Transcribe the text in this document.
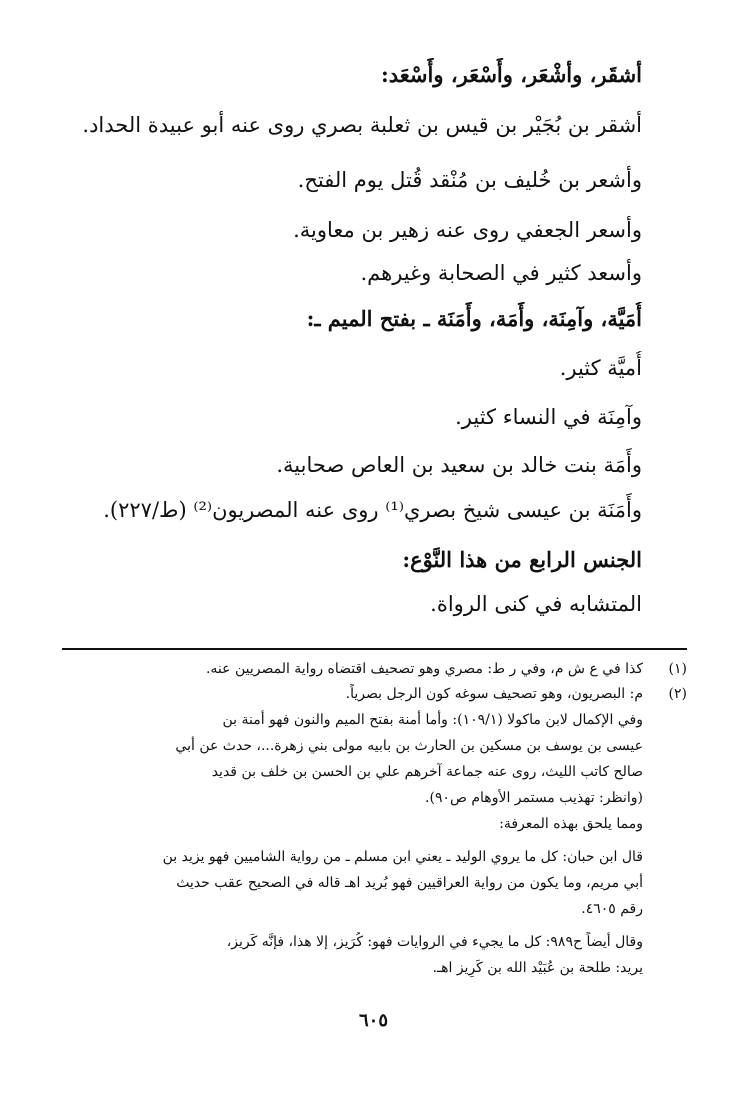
أشقَر، وأشْعَر، وأَسْعَر، وأَسْعَد:
أشقر بن بُجَيْر بن قيس بن ثعلبة بصري روى عنه أبو عبيدة الحداد.
وأشعر بن خُليف بن مُنْقد قُتل يوم الفتح.
وأسعر الجعفي روى عنه زهير بن معاوية.
وأسعد كثير في الصحابة وغيرهم.
أُمَيَّة، وآمِنَة، وأَمَة، وأَمَنَة ـ بفتح الميم ـ:
أُميَّة كثير.
وآمِنَة في النساء كثير.
وأَمَة بنت خالد بن سعيد بن العاص صحابية.
وأَمَنَة بن عيسى شيخ بصري⁽¹⁾ روى عنه المصريون⁽²⁾ (ط/٢٢٧).
الجنس الرابع من هذا النَّوْع:
المتشابه في كنى الرواة.
(١)كذا في ع ش م، وفي ر ط: مصري وهو تصحيف اقتضاه رواية المصريين عنه.
(٢)م: البصريون، وهو تصحيف سوغه كون الرجل بصرياً.
وفي الإكمال لابن ماكولا (١٠٩/١): وأما أمنة بفتح الميم والنون فهو أمنة بن
عيسى بن يوسف بن مسكين بن الحارث بن بابيه مولى بني زهرة...، حدث عن أبي
صالح كاتب الليث، روى عنه جماعة آخرهم علي بن الحسن بن خلف بن قديد
(وانظر: تهذيب مستمر الأوهام ص٩٠).
ومما يلحق بهذه المعرفة:
قال ابن حبان: كل ما يروي الوليد ـ يعني ابن مسلم ـ من رواية الشاميين فهو يزيد بن
أبي مريم، وما يكون من رواية العراقيين فهو بُريد اهـ قاله في الصحيح عقب حديث
رقم ٤٦٠٥.
وقال أيضاً ح٩٨٩: كل ما يجيء في الروايات فهو: كُرَيز، إلا هذا، فإنَّه كَريز،
يريد: طلحة بن عُبَيْد الله بن كَرِيز اهـ.
٦٠٥
